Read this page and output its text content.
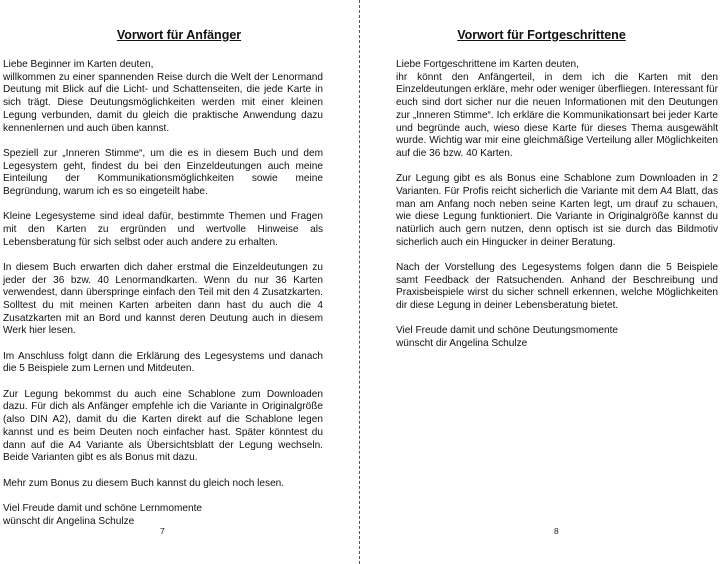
Vorwort für Anfänger

Liebe Beginner im Karten deuten,
willkommen zu einer spannenden Reise durch die Welt der Lenormand Deutung mit Blick auf die Licht- und Schattenseiten, die jede Karte in sich trägt. Diese Deutungsmöglichkeiten werden mit einer kleinen Legung verbunden, damit du gleich die praktische Anwendung dazu kennenlernen und auch üben kannst.

Speziell zur „Inneren Stimme“, um die es in diesem Buch und dem Legesystem geht, findest du bei den Einzeldeutungen auch meine Einteilung der Kommunikationsmöglichkeiten sowie meine Begründung, warum ich es so eingeteilt habe.

Kleine Legesysteme sind ideal dafür, bestimmte Themen und Fragen mit den Karten zu ergründen und wertvolle Hinweise als Lebensberatung für sich selbst oder auch andere zu erhalten.

In diesem Buch erwarten dich daher erstmal die Einzeldeutungen zu jeder der 36 bzw. 40 Lenormandkarten. Wenn du nur 36 Karten verwendest, dann überspringe einfach den Teil mit den 4 Zusatzkarten. Solltest du mit meinen Karten arbeiten dann hast du auch die 4 Zusatzkarten mit an Bord und kannst deren Deutung auch in diesem Werk hier lesen.

Im Anschluss folgt dann die Erklärung des Legesystems und danach die 5 Beispiele zum Lernen und Mitdeuten.

Zur Legung bekommst du auch eine Schablone zum Downloaden dazu. Für dich als Anfänger empfehle ich die Variante in Originalgröße (also DIN A2), damit du die Karten direkt auf die Schablone legen kannst und es beim Deuten noch einfacher hast. Später könntest du dann auf die A4 Variante als Übersichtsblatt der Legung wechseln. Beide Varianten gibt es als Bonus mit dazu.

Mehr zum Bonus zu diesem Buch kannst du gleich noch lesen.

Viel Freude damit und schöne Lernmomente
wünscht dir Angelina Schulze

7
Vorwort für Fortgeschrittene

Liebe Fortgeschrittene im Karten deuten,
ihr könnt den Anfängerteil, in dem ich die Karten mit den Einzeldeutungen erkläre, mehr oder weniger überfliegen. Interessant für euch sind dort sicher nur die neuen Informationen mit den Deutungen zur „Inneren Stimme“. Ich erkläre die Kommunikationsart bei jeder Karte und begründe auch, wieso diese Karte für dieses Thema ausgewählt wurde. Wichtig war mir eine gleichmäßige Verteilung aller Möglichkeiten auf die 36 bzw. 40 Karten.

Zur Legung gibt es als Bonus eine Schablone zum Downloaden in 2 Varianten. Für Profis reicht sicherlich die Variante mit dem A4 Blatt, das man am Anfang noch neben seine Karten legt, um drauf zu schauen, wie diese Legung funktioniert. Die Variante in Originalgröße kannst du natürlich auch gern nutzen, denn optisch ist sie durch das Bildmotiv sicherlich auch ein Hingucker in deiner Beratung.

Nach der Vorstellung des Legesystems folgen dann die 5 Beispiele samt Feedback der Ratsuchenden. Anhand der Beschreibung und Praxisbeispiele wirst du sicher schnell erkennen, welche Möglichkeiten dir diese Legung in deiner Lebensberatung bietet.

Viel Freude damit und schöne Deutungsmomente
wünscht dir Angelina Schulze

8
